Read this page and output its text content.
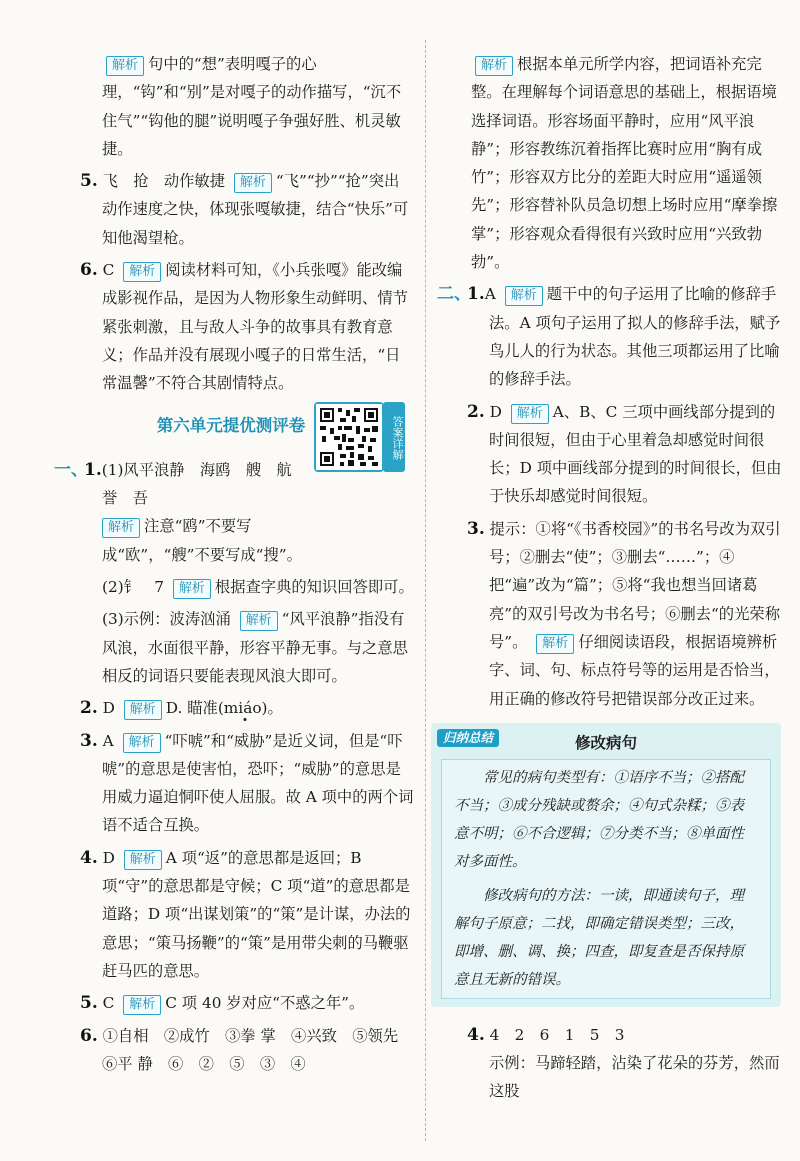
解析 句中的“想”表明嘎子的心理，“钩”和“别”是对嘎子的动作描写，“沉不住气”“钩他的腿”说明嘎子争强好胜、机灵敏捷。
5. 飞　抢　动作敏捷 解析 “飞”“抄”“抢”突出动作速度之快，体现张嘎敏捷，结合“快乐”可知他渴望枪。
6. C 解析 阅读材料可知，《小兵张嘎》能改编成影视作品，是因为人物形象生动鲜明、情节紧张刺激，且与敌人斗争的故事具有教育意义；作品并没有展现小嘎子的日常生活，“日常温馨”不符合其剧情特点。
第六单元提优测评卷
一、1.(1)风平浪静　海鸥　艘　航
誉　吾
解析 注意“鸥”不要写成“欧”，“艘”不要写成“搜”。
(2)钅　7 解析 根据查字典的知识回答即可。
(3)示例：波涛汹涌 解析 “风平浪静”指没有风浪，水面很平静，形容平静无事。与之意思相反的词语只要能表现风浪大即可。
2. D 解析 D. 瞄准(miáo)。
3. A 解析 “吓唬”和“威胁”是近义词，但是“吓唬”的意思是使害怕，恐吓；“威胁”的意思是用威力逼迫恫吓使人屈服。故 A 项中的两个词语不适合互换。
4. D 解析 A 项“返”的意思都是返回；B 项“守”的意思都是守候；C 项“道”的意思都是道路；D 项“出谋划策”的“策”是计谋，办法的意思；“策马扬鞭”的“策”是用带尖刺的马鞭驱赶马匹的意思。
5. C 解析 C 项 40 岁对应“不惑之年”。
6. ①自相　②成竹　③拳 掌　④兴致　⑤领先
⑥平 静　⑥　②　⑤　③　④
答案详解
解析 根据本单元所学内容，把词语补充完整。在理解每个词语意思的基础上，根据语境选择词语。形容场面平静时，应用“风平浪静”；形容教练沉着指挥比赛时应用“胸有成竹”；形容双方比分的差距大时应用“遥遥领先”；形容替补队员急切想上场时应用“摩拳擦掌”；形容观众看得很有兴致时应用“兴致勃勃”。
二、1.A 解析 题干中的句子运用了比喻的修辞手法。A 项句子运用了拟人的修辞手法，赋予鸟儿人的行为状态。其他三项都运用了比喻的修辞手法。
2. D 解析 A、B、C 三项中画线部分提到的时间很短，但由于心里着急却感觉时间很长；D 项中画线部分提到的时间很长，但由于快乐却感觉时间很短。
3. 提示：①将“《书香校园》”的书名号改为双引号；②删去“使”；③删去“……”；④把“遍”改为“篇”；⑤将“我也想当回诸葛亮”的双引号改为书名号；⑥删去“的光荣称号”。 解析 仔细阅读语段，根据语境辨析字、词、句、标点符号等的运用是否恰当，用正确的修改符号把错误部分改正过来。
归纳总结	修改病句

常见的病句类型有：①语序不当；②搭配不当；③成分残缺或赘余；④句式杂糅；⑤表意不明；⑥不合逻辑；⑦分类不当；⑧单面性对多面性。

修改病句的方法：一读，即通读句子，理解句子原意；二找，即确定错误类型；三改，即增、删、调、换；四查，即复查是否保持原意且无新的错误。

4. 4　2　6　1　5　3
示例：马蹄轻踏，沾染了花朵的芬芳，然而这股
